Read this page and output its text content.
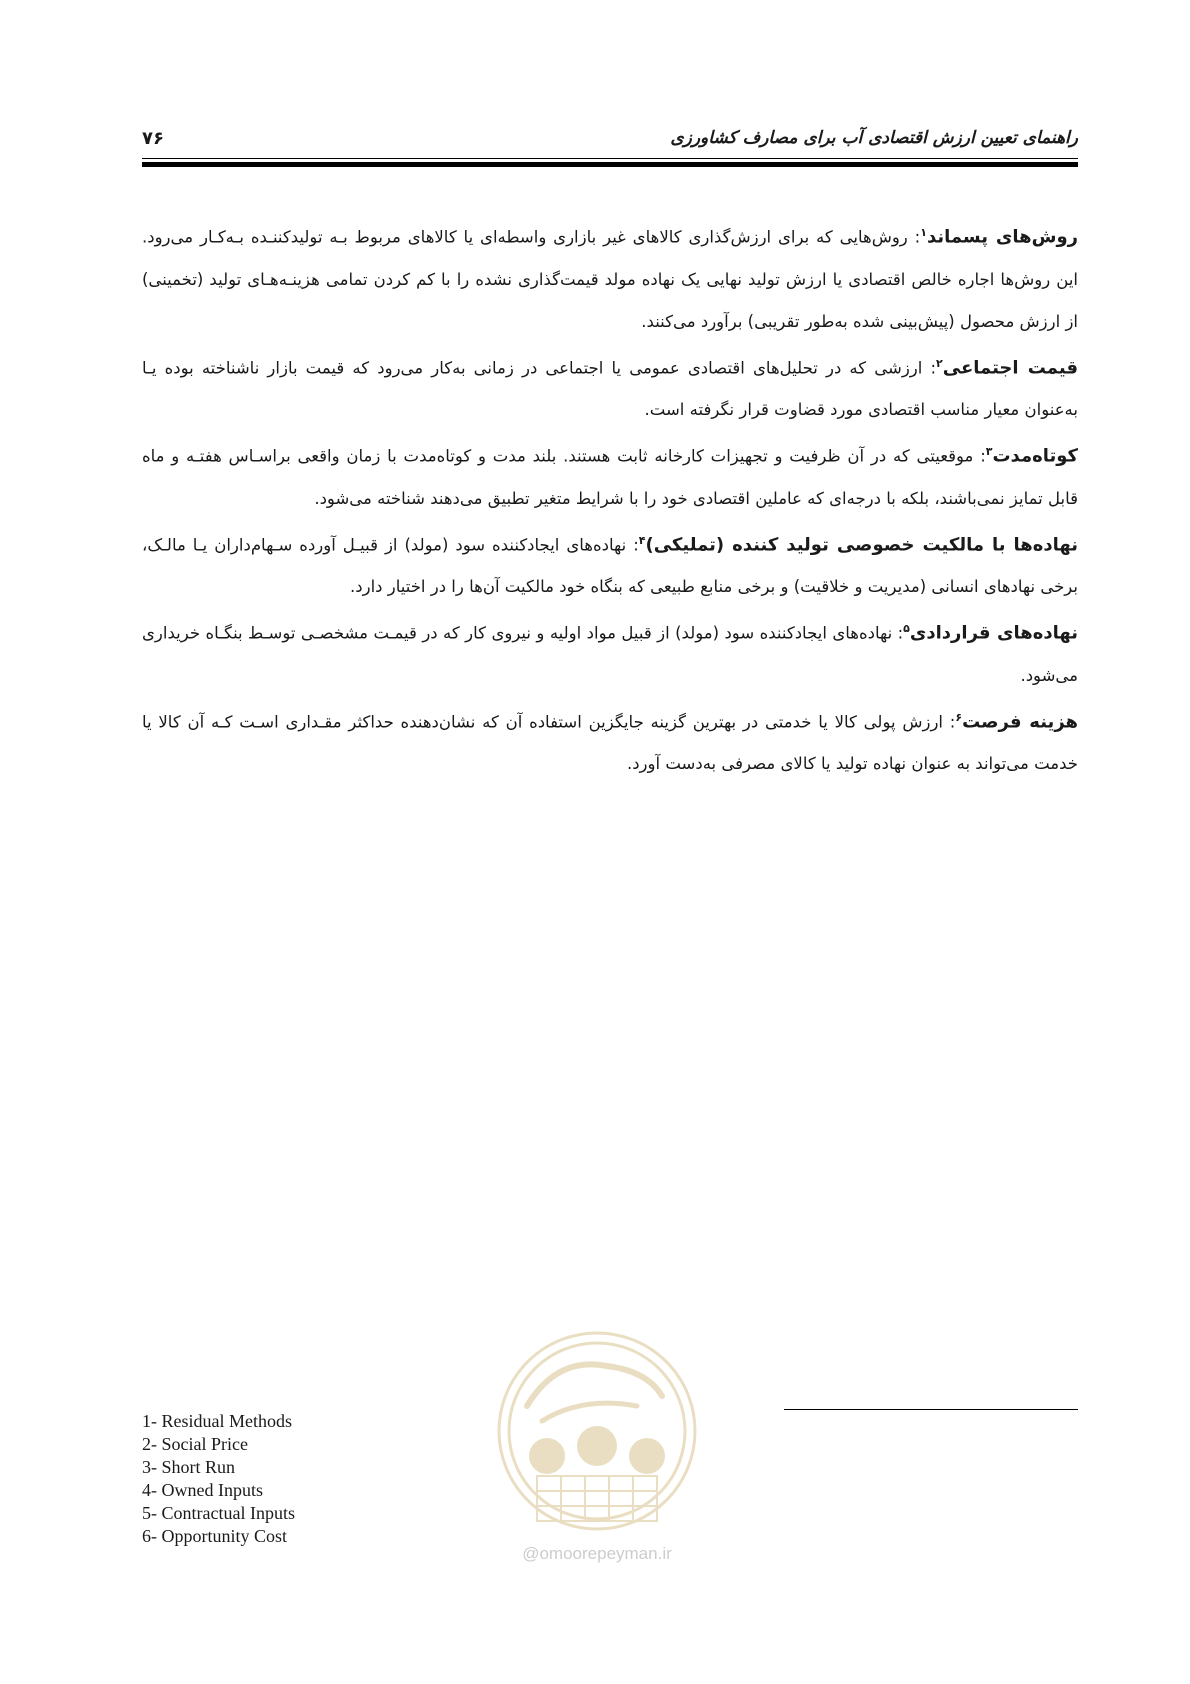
راهنمای تعیین ارزش اقتصادی آب برای مصارف کشاورزی
۷۶

روش‌های پسماند$^۱$: روش‌هایی که برای ارزش‌گذاری کالاهای غیر بازاری واسطه‌ای یا کالاهای مربوط بـه تولیدکننـده بـه‌کـار می‌رود. این روش‌ها اجاره خالص اقتصادی یا ارزش تولید نهایی یک نهاده مولد قیمت‌گذاری نشده را با کم کردن تمامی هزینـه‌هـای تولید (تخمینی) از ارزش محصول (پیش‌بینی شده به‌طور تقریبی) برآورد می‌کنند.

قیمت اجتماعی$^۲$: ارزشی که در تحلیل‌های اقتصادی عمومی یا اجتماعی در زمانی به‌کار می‌رود که قیمت بازار ناشناخته بوده یـا به‌عنوان معیار مناسب اقتصادی مورد قضاوت قرار نگرفته است.

کوتاه‌مدت$^۳$: موقعیتی که در آن ظرفیت و تجهیزات کارخانه ثابت هستند. بلند مدت و کوتاه‌مدت با زمان واقعی براسـاس هفتـه و ماه قابل تمایز نمی‌باشند، بلکه با درجه‌ای که عاملین اقتصادی خود را با شرایط متغیر تطبیق می‌دهند شناخته می‌شود.

نهاده‌ها با مالکیت خصوصی تولید کننده (تملیکی)$^۴$: نهاده‌های ایجادکننده سود (مولد) از قبیـل آورده سـهام‌داران یـا مالـک، برخی نهادهای انسانی (مدیریت و خلاقیت) و برخی منابع طبیعی که بنگاه خود مالکیت آن‌ها را در اختیار دارد.

نهاده‌های قراردادی$^۵$: نهاده‌های ایجادکننده سود (مولد) از قبیل مواد اولیه و نیروی کار که در قیمـت مشخصـی توسـط بنگـاه خریداری می‌شود.

هزینه فرصت$^۶$: ارزش پولی کالا یا خدمتی در بهترین گزینه جایگزین استفاده آن که نشان‌دهنده حداکثر مقـداری اسـت کـه آن کالا یا خدمت می‌تواند به عنوان نهاده تولید یا کالای مصرفی به‌دست آورد.

@omoorepeyman.ir

1- Residual Methods

2- Social Price

3- Short Run

4- Owned Inputs

5- Contractual Inputs

6- Opportunity Cost
